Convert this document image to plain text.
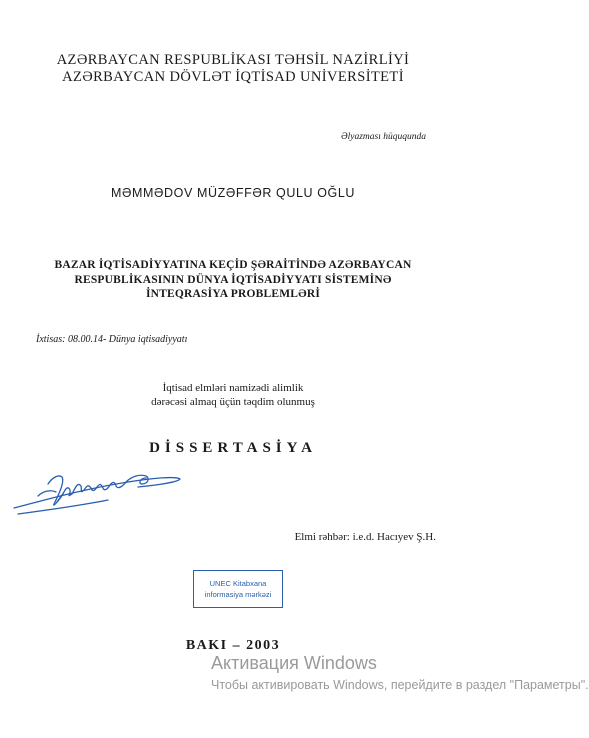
AZƏRBAYCAN RESPUBLİKASI TƏHSİL NAZİRLİYİ
AZƏRBAYCAN DÖVLƏT İQTİSAD UNİVERSİTETİ
Əlyazması hüququnda
MƏMMƏDOV MÜZƏFFƏR QULU OĞLU
BAZAR İQTİSADİYYATINA KEÇİD ŞƏRAİTİNDƏ AZƏRBAYCAN
RESPUBLİKASININ DÜNYA İQTİSADİYYATI SİSTEMİNƏ
İNTEQRASİYA PROBLEMLƏRİ
İxtisas: 08.00.14- Dünya iqtisadiyyatı
İqtisad elmləri namizədi alimlik
dərəcəsi almaq üçün təqdim olunmuş
DİSSERTASİYA
Elmi rəhbər: i.e.d. Hacıyev Ş.H.
UNEC Kitabxana
informasiya mərkəzi
BAKI – 2003
Активация Windows
Чтобы активировать Windows, перейдите в раздел "Параметры".
